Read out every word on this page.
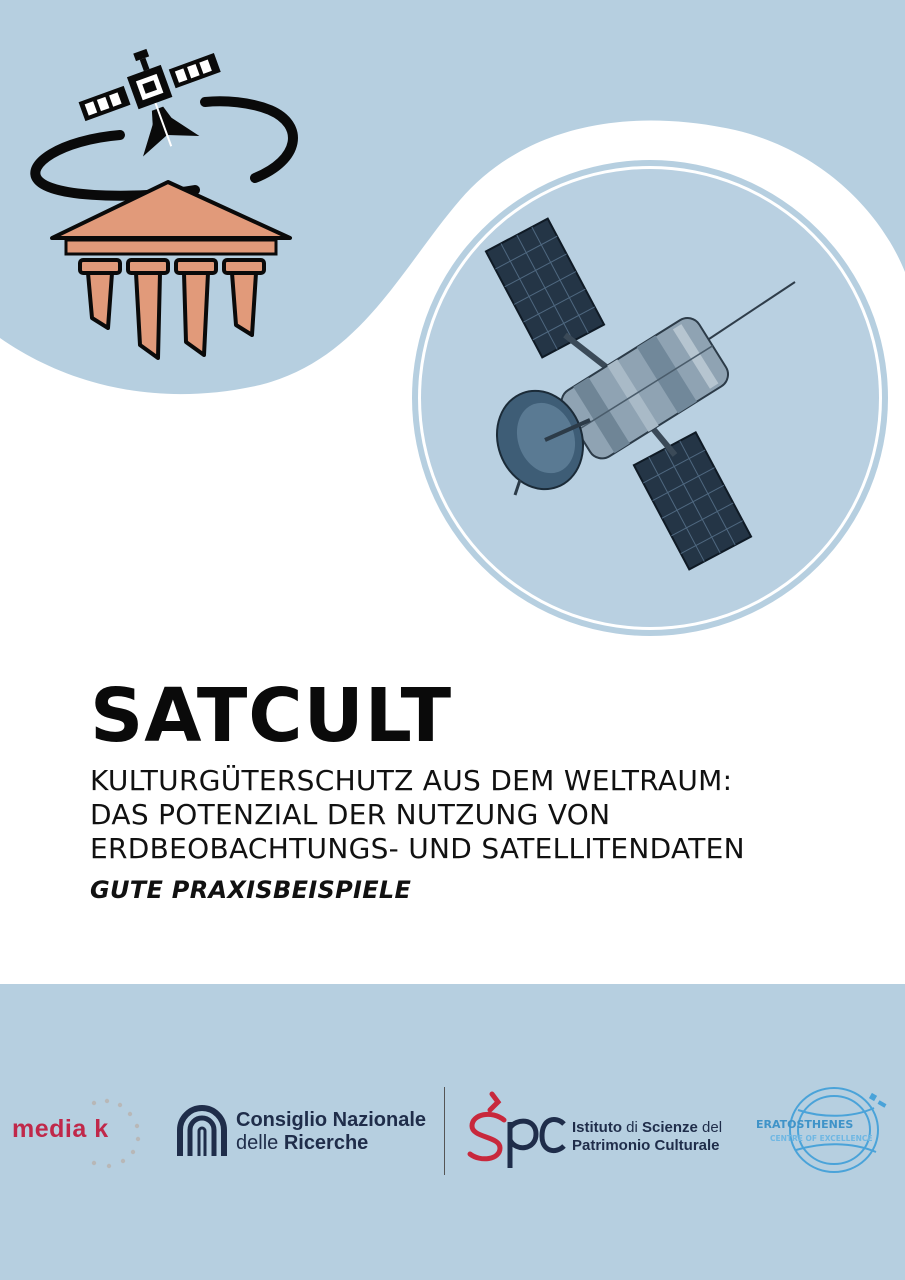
SATCULT
KULTURGÜTERSCHUTZ AUS DEM WELTRAUM:
DAS POTENZIAL DER NUTZUNG VON
ERDBEOBACHTUNGS- UND SATELLITENDATEN
GUTE PRAXISBEISPIELE
media k	Consiglio Nazionale
delle Ricerche
Istituto di Scienze del
Patrimonio Culturale
ERATOSTHENES
CENTRE OF EXCELLENCE
